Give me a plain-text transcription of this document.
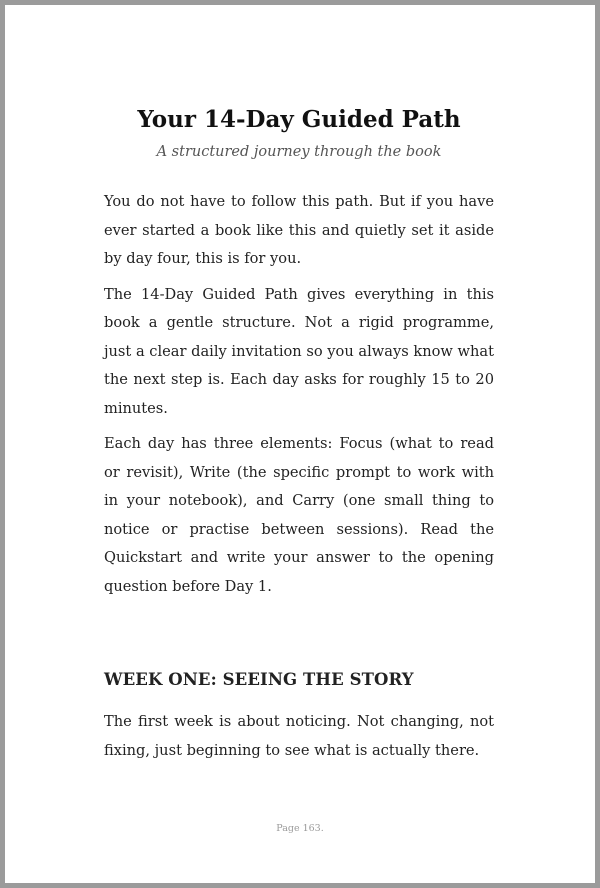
Your 14-Day Guided Path

A structured journey through the book

You do not have to follow this path. But if you have ever started a book like this and quietly set it aside by day four, this is for you.

The 14-Day Guided Path gives everything in this book a gentle structure. Not a rigid programme, just a clear daily invitation so you always know what the next step is. Each day asks for roughly 15 to 20 minutes.

Each day has three elements: Focus (what to read or revisit), Write (the specific prompt to work with in your notebook), and Carry (one small thing to notice or practise between sessions). Read the Quickstart and write your answer to the opening question before Day 1.

WEEK ONE: SEEING THE STORY

The first week is about noticing. Not changing, not fixing, just beginning to see what is actually there.

Page 163.
